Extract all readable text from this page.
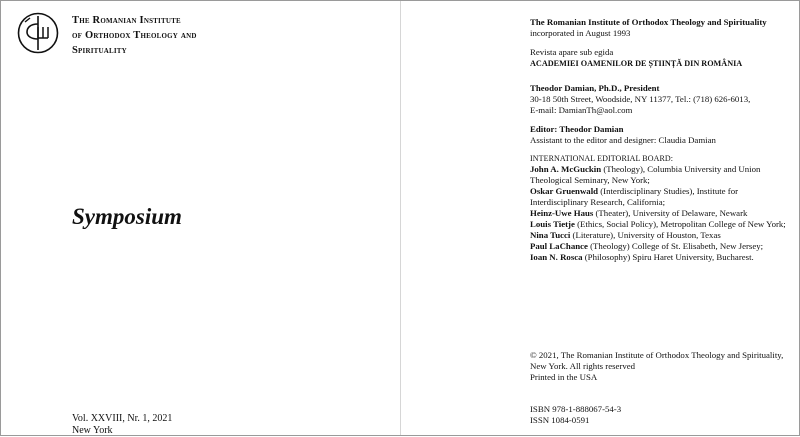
The Romanian Institute
of Orthodox Theology and
Spirituality
Symposium
Vol. XXVIII, Nr. 1, 2021
New York
The Romanian Institute of Orthodox Theology and Spirituality
incorporated in August 1993
Revista apare sub egida
ACADEMIEI OAMENILOR DE ȘTIINȚĂ DIN ROMÂNIA
Theodor Damian, Ph.D., President
30-18 50th Street, Woodside, NY 11377, Tel.: (718) 626-6013,
E-mail: DamianTh@aol.com
Editor: Theodor Damian
Assistant to the editor and designer: Claudia Damian
INTERNATIONAL EDITORIAL BOARD:
John A. McGuckin (Theology), Columbia University and Union Theological Seminary, New York;
Oskar Gruenwald (Interdisciplinary Studies), Institute for Interdisciplinary Research, California;
Heinz-Uwe Haus (Theater), University of Delaware, Newark
Louis Tietje (Ethics, Social Policy), Metropolitan College of New York;
Nina Tucci (Literature), University of Houston, Texas
Paul LaChance (Theology) College of St. Elisabeth, New Jersey;
Ioan N. Rosca (Philosophy) Spiru Haret University, Bucharest.
© 2021, The Romanian Institute of Orthodox Theology and Spirituality, New York. All rights reserved
Printed in the USA
ISBN 978-1-888067-54-3
ISSN 1084-0591
